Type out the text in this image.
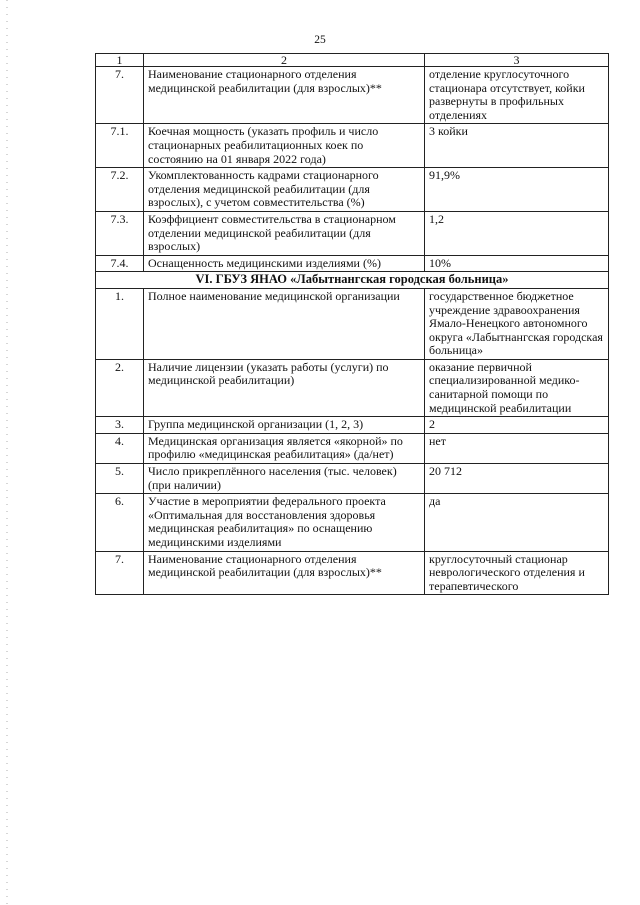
25
1	2	3
7.	Наименование стационарного отделения медицинской реабилитации (для взрослых)**	отделение круглосуточного стационара отсутствует, койки развернуты в профильных отделениях
7.1.	Коечная мощность (указать профиль и число стационарных реабилитационных коек по состоянию на 01 января 2022 года)	3 койки
7.2.	Укомплектованность кадрами стационарного отделения медицинской реабилитации (для взрослых), с учетом совместительства (%)	91,9%
7.3.	Коэффициент совместительства в стационарном отделении медицинской реабилитации (для взрослых)	1,2
7.4.	Оснащенность медицинскими изделиями (%)	10%
VI. ГБУЗ ЯНАО «Лабытнангская городская больница»		
1.	Полное наименование медицинской организации	государственное бюджетное учреждение здравоохранения Ямало-Ненецкого автономного округа «Лабытнангская городская больница»
2.	Наличие лицензии (указать работы (услуги) по медицинской реабилитации)	оказание первичной специализированной медико-санитарной помощи по медицинской реабилитации
3.	Группа медицинской организации (1, 2, 3)	2
4.	Медицинская организация является «якорной» по профилю «медицинская реабилитация» (да/нет)	нет
5.	Число прикреплённого населения (тыс. человек) (при наличии)	20 712
6.	Участие в мероприятии федерального проекта «Оптимальная для восстановления здоровья медицинская реабилитация» по оснащению медицинскими изделиями	да
7.	Наименование стационарного отделения медицинской реабилитации (для взрослых)**	круглосуточный стационар неврологического отделения и терапевтического
